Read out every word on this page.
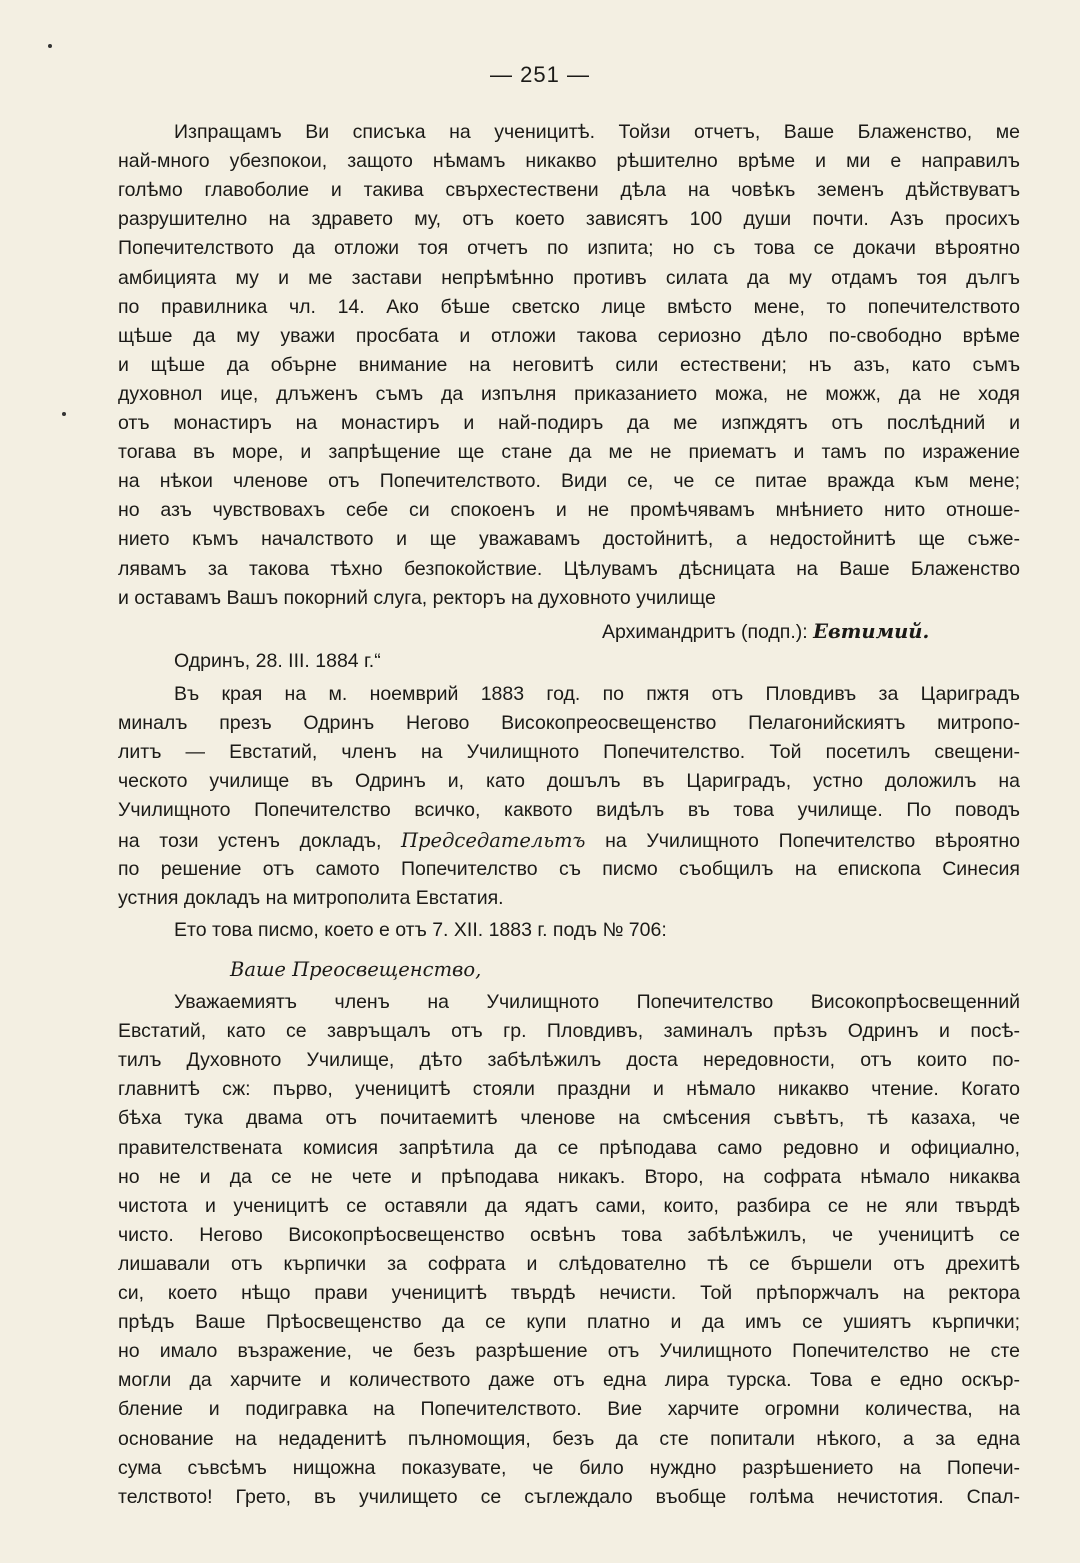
— 251 —
Изпращамъ Ви списъка на ученицитѣ. Тойзи отчетъ, Ваше Блаженство, ме
най-много убезпокои, защото нѣмамъ никакво рѣшително врѣме и ми е направилъ
голѣмо главоболие и такива свърхестествени дѣла на човѣкъ земенъ дѣйствуватъ
разрушително на здравето му, отъ което зависятъ 100 души почти. Азъ просихъ
Попечителството да отложи тоя отчетъ по изпита; но съ това се докачи вѣроятно
амбицията му и ме застави непрѣмѣнно противъ силата да му отдамъ тоя дългъ
по правилника чл. 14. Ако бѣше светско лице вмѣсто мене, то попечителството
щѣше да му уважи просбата и отложи такова сериозно дѣло по-свободно врѣме
и щѣше да обърне внимание на неговитѣ сили естествени; нъ азъ, като съмъ
духовнол ице, длъженъ съмъ да изпълня приказанието можа, не можж, да не ходя
отъ монастиръ на монастиръ и най-подиръ да ме изпждятъ отъ послѣдний и
тогава въ море, и запрѣщение ще стане да ме не приематъ и тамъ по изражение
на нѣкои членове отъ Попечителството. Види се, че се питае вражда към мене;
но азъ чувствовахъ себе си спокоенъ и не промѣчявамъ мнѣнието нито отноше-
нието къмъ началството и ще уважавамъ достойнитѣ, а недостойнитѣ ще съже-
лявамъ за такова тѣхно безпокойствие. Цѣлувамъ дѣсницата на Ваше Блаженство
и оставамъ Вашъ покорний слуга, ректоръ на духовното училище
Архимандритъ (подп.): Евтимий.
Одринъ, 28. III. 1884 г.“
Въ края на м. ноемврий 1883 год. по пжтя отъ Пловдивъ за Цариградъ
миналъ презъ Одринъ Негово Високопреосвещенство Пелагонийскиятъ митропо-
литъ — Евстатий, членъ на Училищното Попечителство. Той посетилъ свещени-
ческото училище въ Одринъ и, като дошълъ въ Цариградъ, устно доложилъ на
Училищното Попечителство всичко, каквото видѣлъ въ това училище. По поводъ
на този устенъ докладъ, Председательтъ на Училищното Попечителство вѣроятно
по решение отъ самото Попечителство съ писмо съобщилъ на епископа Синесия
устния докладъ на митрополита Евстатия.
Ето това писмо, което е отъ 7. XII. 1883 г. подъ № 706:
Ваше Преосвещенство,
Уважаемиятъ членъ на Училищното Попечителство Високопрѣосвещенний
Евстатий, като се завръщалъ отъ гр. Пловдивъ, заминалъ прѣзъ Одринъ и посѣ-
тилъ Духовното Училище, дѣто забѣлѣжилъ доста нередовности, отъ които по-
главнитѣ сж: първо, ученицитѣ стояли праздни и нѣмало никакво чтение. Когато
бѣха тука двама отъ почитаемитѣ членове на смѣсения съвѣтъ, тѣ казаха, че
правителствената комисия запрѣтила да се прѣподава само редовно и официално,
но не и да се не чете и прѣподава никакъ. Второ, на софрата нѣмало никаква
чистота и ученицитѣ се оставяли да ядатъ сами, които, разбира се не яли твърдѣ
чисто. Негово Високопрѣосвещенство освѣнъ това забѣлѣжилъ, че ученицитѣ се
лишавали отъ кърпички за софрата и слѣдователно тѣ се бършели отъ дрехитѣ
си, което нѣщо прави ученицитѣ твърдѣ нечисти. Той прѣпоржчалъ на ректора
прѣдъ Ваше Прѣосвещенство да се купи платно и да имъ се ушиятъ кърпички;
но имало възражение, че безъ разрѣшение отъ Училищното Попечителство не сте
могли да харчите и количеството даже отъ една лира турска. Това е едно оскър-
бление и подигравка на Попечителството. Вие харчите огромни количества, на
основание на недаденитѣ пълномощия, безъ да сте попитали нѣкого, а за една
сума съвсѣмъ нищожна показувате, че било нуждно разрѣшението на Попечи-
телството! Грето, въ училището се съглеждало въобще голѣма нечистотия. Спал-
